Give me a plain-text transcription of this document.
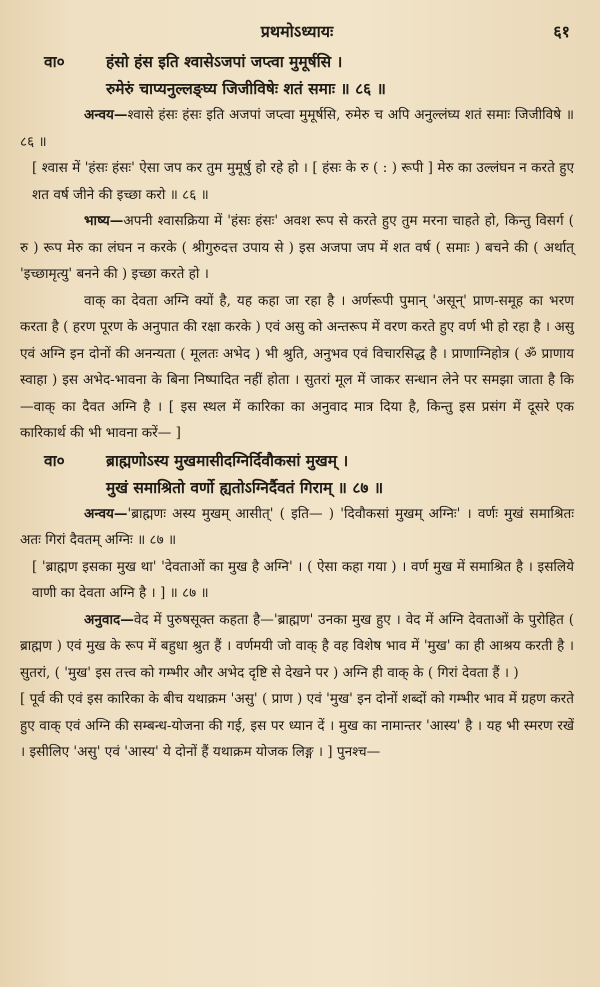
प्रथमोऽध्यायः	६१
वा०	हंसो हंस इति श्वासेऽजपां जप्त्वा मुमूर्षसि ।
रुमेरुं चाप्यनुल्लङ्घ्य जिजीविषेः शतं समाः ॥ ८६ ॥

अन्वय—श्वासे हंसः हंसः इति अजपां जप्त्वा मुमूर्षसि, रुमेरु च अपि अनुल्लंघ्य शतं समाः जिजीविषे ॥ ८६ ॥

[ श्वास में 'हंसः हंसः' ऐसा जप कर तुम मुमूर्षु हो रहे हो । [ हंसः के रु ( : ) रूपी ] मेरु का उल्लंघन न करते हुए शत वर्ष जीने की इच्छा करो ॥ ८६ ॥

भाष्य—अपनी श्वासक्रिया में 'हंसः हंसः' अवश रूप से करते हुए तुम मरना चाहते हो, किन्तु विसर्ग ( रु ) रूप मेरु का लंघन न करके ( श्रीगुरुदत्त उपाय से ) इस अजपा जप में शत वर्ष ( समाः ) बचने की ( अर्थात् 'इच्छामृत्यु' बनने की ) इच्छा करते हो ।

वाक् का देवता अग्नि क्यों है, यह कहा जा रहा है । अर्णरूपी पुमान् 'असून्' प्राण-समूह का भरण करता है ( हरण पूरण के अनुपात की रक्षा करके ) एवं असु को अन्तरूप में वरण करते हुए वर्ण भी हो रहा है । असु एवं अग्नि इन दोनों की अनन्यता ( मूलतः अभेद ) भी श्रुति, अनुभव एवं विचारसिद्ध है । प्राणाग्निहोत्र ( ॐ प्राणाय स्वाहा ) इस अभेद-भावना के बिना निष्पादित नहीं होता । सुतरां मूल में जाकर सन्धान लेने पर समझा जाता है कि—वाक् का दैवत अग्नि है । [ इस स्थल में कारिका का अनुवाद मात्र दिया है, किन्तु इस प्रसंग में दूसरे एक कारिकार्थ की भी भावना करें— ]

वा०	ब्राह्मणोऽस्य मुखमासीदग्निर्दिवौकसां मुखम् ।
मुखं समाश्रितो वर्णो ह्यतोऽग्निर्दैवतं गिराम् ॥ ८७ ॥

अन्वय—'ब्राह्मणः अस्य मुखम् आसीत्' ( इति— ) 'दिवौकसां मुखम् अग्निः' । वर्णः मुखं समाश्रितः अतः गिरां दैवतम् अग्निः ॥ ८७ ॥

[ 'ब्राह्मण इसका मुख था' 'देवताओं का मुख है अग्नि' । ( ऐसा कहा गया ) । वर्ण मुख में समाश्रित है । इसलिये वाणी का देवता अग्नि है । ] ॥ ८७ ॥

अनुवाद—वेद में पुरुषसूक्त कहता है—'ब्राह्मण' उनका मुख हुए । वेद में अग्नि देवताओं के पुरोहित ( ब्राह्मण ) एवं मुख के रूप में बहुधा श्रुत हैं । वर्णमयी जो वाक् है वह विशेष भाव में 'मुख' का ही आश्रय करती है । सुतरां, ( 'मुख' इस तत्त्व को गम्भीर और अभेद दृष्टि से देखने पर ) अग्नि ही वाक् के ( गिरां देवता हैं । )

[ पूर्व की एवं इस कारिका के बीच यथाक्रम 'असु' ( प्राण ) एवं 'मुख' इन दोनों शब्दों को गम्भीर भाव में ग्रहण करते हुए वाक् एवं अग्नि की सम्बन्ध-योजना की गई, इस पर ध्यान दें । मुख का नामान्तर 'आस्य' है । यह भी स्मरण रखें । इसीलिए 'असु' एवं 'आस्य' ये दोनों हैं यथाक्रम योजक लिङ्ग । ] पुनश्च—
